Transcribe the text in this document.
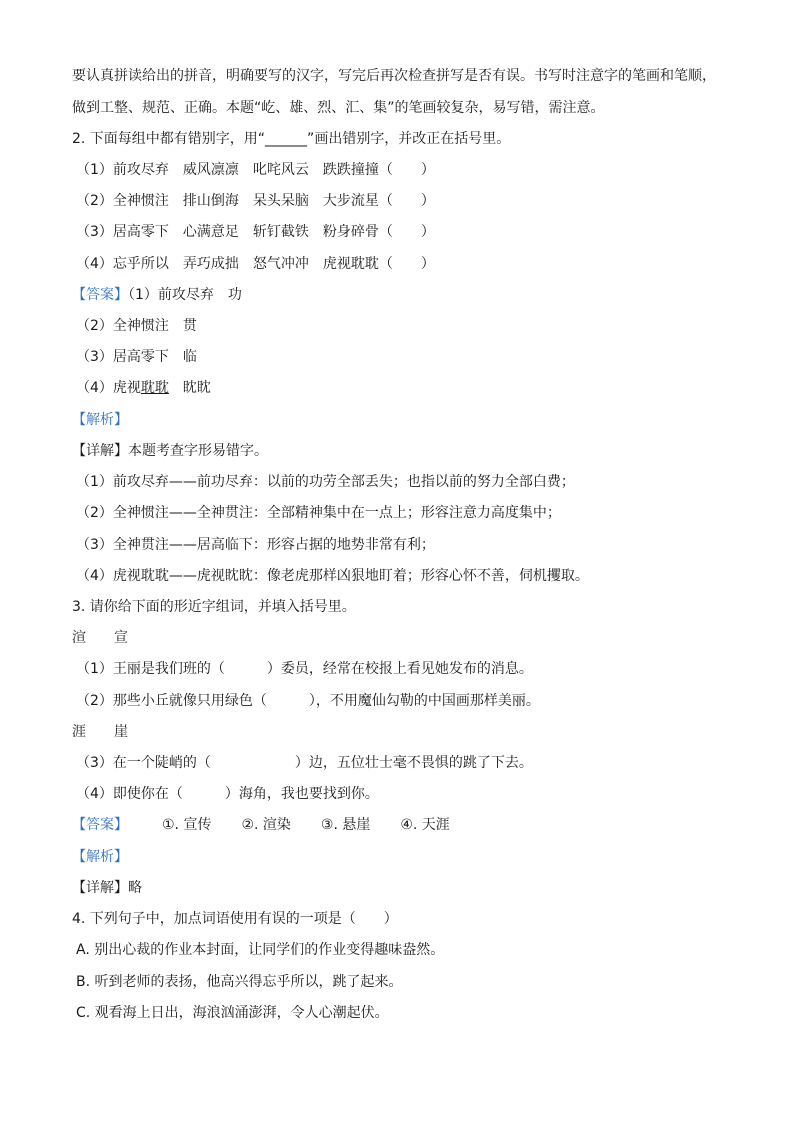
要认真拼读给出的拼音，明确要写的汉字，写完后再次检查拼写是否有误。书写时注意字的笔画和笔顺，
做到工整、规范、正确。本题“屹、雄、烈、汇、集”的笔画较复杂，易写错，需注意。
2. 下面每组中都有错别字，用“______”画出错别字，并改正在括号里。
（1）前攻尽弃　威风凛凛　叱咤风云　跌跌撞撞（　　）
（2）全神惯注　排山倒海　呆头呆脑　大步流星（　　）
（3）居高零下　心满意足　斩钉截铁　粉身碎骨（　　）
（4）忘乎所以　弄巧成拙　怒气冲冲　虎视耽耽（　　）
【答案】（1）前攻尽弃　功
（2）全神惯注　贯
（3）居高零下　临
（4）虎视耽耽　 眈眈
【解析】
【详解】本题考查字形易错字。
（1）前攻尽弃——前功尽弃：以前的功劳全部丢失；也指以前的努力全部白费；
（2）全神惯注——全神贯注：全部精神集中在一点上；形容注意力高度集中；
（3）全神贯注——居高临下：形容占据的地势非常有利；
（4）虎视耽耽——虎视眈眈：像老虎那样凶狠地盯着；形容心怀不善，伺机攫取。
3. 请你给下面的形近字组词，并填入括号里。
渲　　宣
（1）王丽是我们班的（　　　）委员，经常在校报上看见她发布的消息。
（2）那些小丘就像只用绿色（　　　），不用魔仙勾勒的中国画那样美丽。
涯　　崖
（3）在一个陡峭的（　　　　　　）边，五位壮士毫不畏惧的跳了下去。
（4）即使你在（　　　）海角，我也要找到你。
【答案】 ①. 宣传 ②. 渲染 ③. 悬崖 ④. 天涯
【解析】
【详解】略
4. 下列句子中，加点词语使用有误的一项是（　　）
A. 别出心裁的作业本封面，让同学们的作业变得趣味盎然。
B. 听到老师的表扬，他高兴得忘乎所以，跳了起来。
C. 观看海上日出，海浪汹涌澎湃，令人心潮起伏。
